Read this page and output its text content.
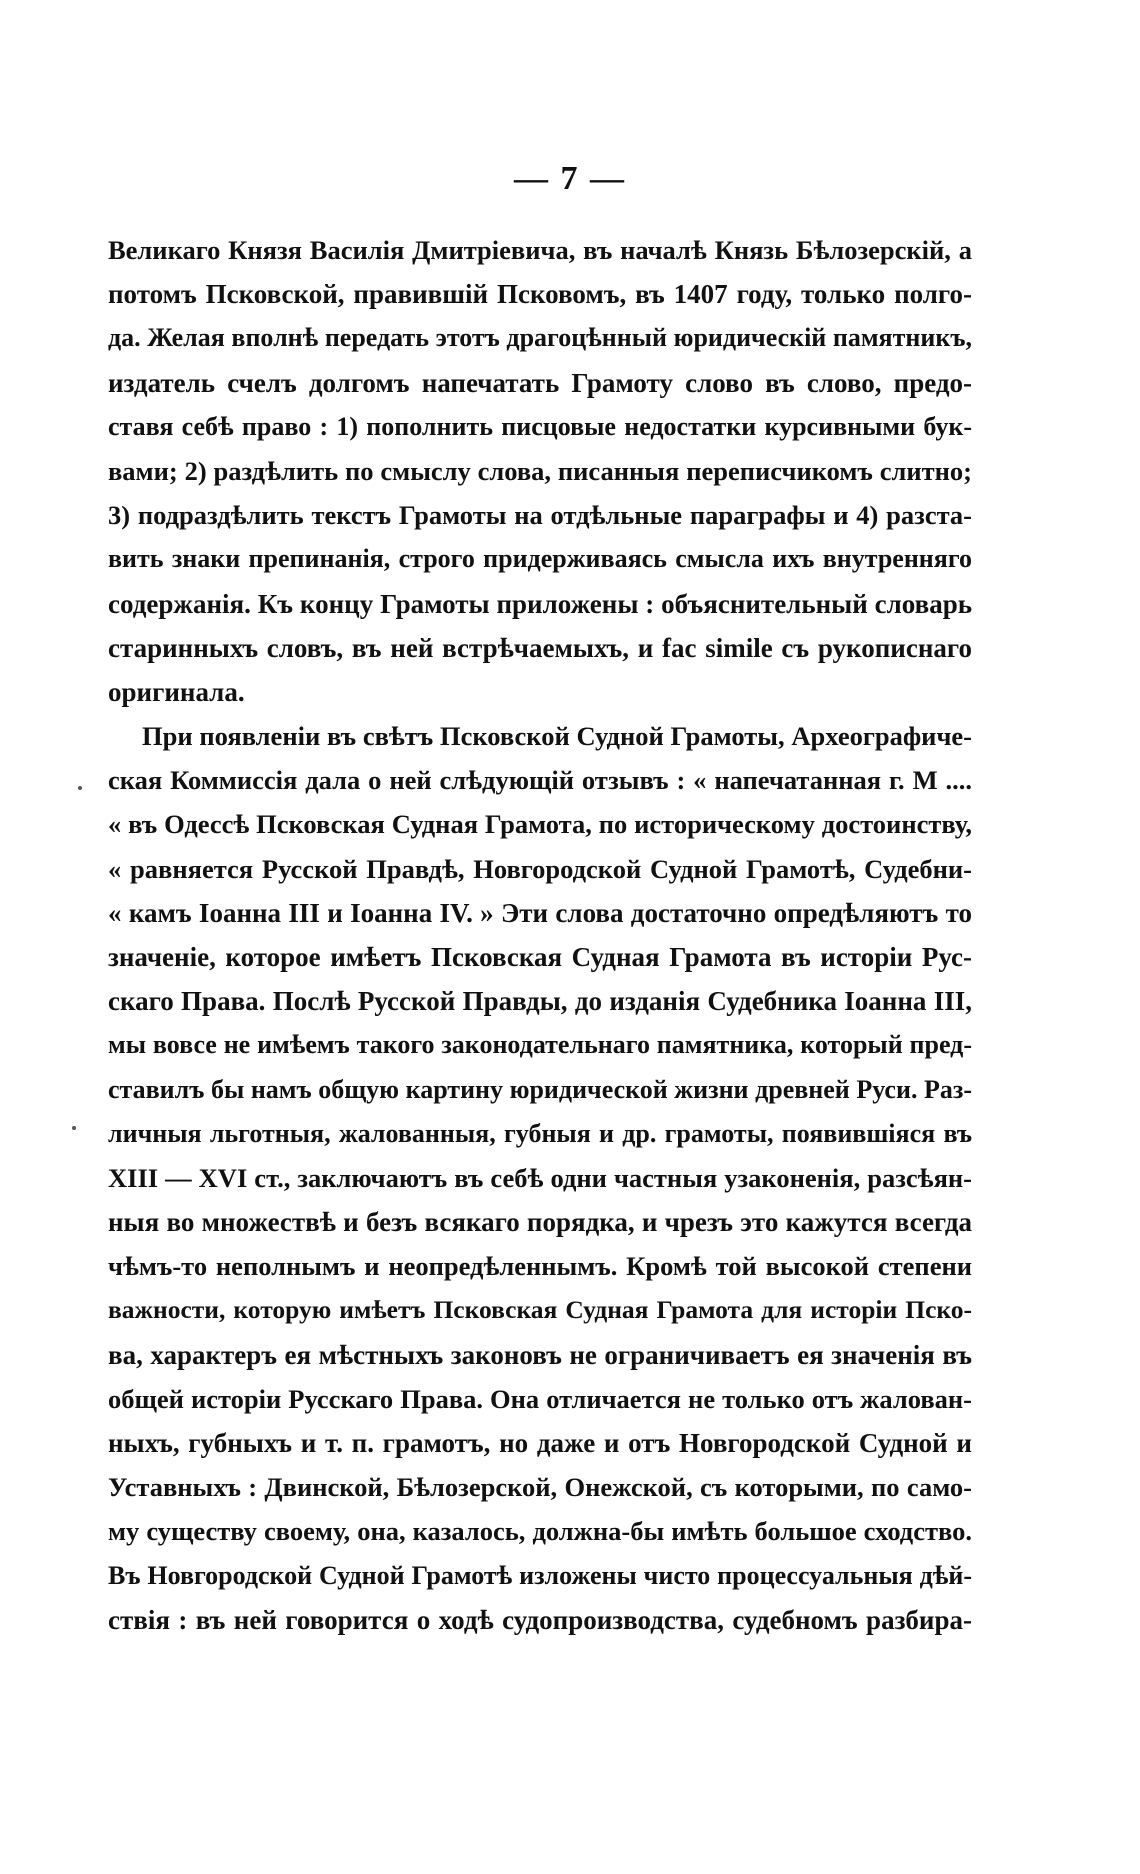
— 7 —
Великаго Князя Василія Дмитріевича, въ началѣ Князь Бѣлозерскій, а
потомъ Псковской, правившій Псковомъ, въ 1407 году, только полго-
да. Желая вполнѣ передать этотъ драгоцѣнный юридическій памятникъ,
издатель счелъ долгомъ напечатать Грамоту слово въ слово, предо-
ставя себѣ право : 1) пополнить писцовые недостатки курсивными бук-
вами; 2) раздѣлить по смыслу слова, писанныя переписчикомъ слитно;
3) подраздѣлить текстъ Грамоты на отдѣльные параграфы и 4) разста-
вить знаки препинанія, строго придерживаясь смысла ихъ внутренняго
содержанія. Къ концу Грамоты приложены : объяснительный словарь
старинныхъ словъ, въ ней встрѣчаемыхъ, и fac simile съ рукописнаго
оригинала.
При появленіи въ свѣтъ Псковской Судной Грамоты, Археографиче-
ская Коммиссія дала о ней слѣдующій отзывъ : « напечатанная г. М ....
« въ Одессѣ Псковская Судная Грамота, по историческому достоинству,
« равняется Русской Правдѣ, Новгородской Судной Грамотѣ, Судебни-
« камъ Іоанна III и Іоанна IV. » Эти слова достаточно опредѣляютъ то
значеніе, которое имѣетъ Псковская Судная Грамота въ исторіи Рус-
скаго Права. Послѣ Русской Правды, до изданія Судебника Іоанна III,
мы вовсе не имѣемъ такого законодательнаго памятника, который пред-
ставилъ бы намъ общую картину юридической жизни древней Руси. Раз-
личныя льготныя, жалованныя, губныя и др. грамоты, появившіяся въ
XIII — XVI ст., заключаютъ въ себѣ одни частныя узаконенія, разсѣян-
ныя во множествѣ и безъ всякаго порядка, и чрезъ это кажутся всегда
чѣмъ-то неполнымъ и неопредѣленнымъ. Кромѣ той высокой степени
важности, которую имѣетъ Псковская Судная Грамота для исторіи Пско-
ва, характеръ ея мѣстныхъ законовъ не ограничиваетъ ея значенія въ
общей исторіи Русскаго Права. Она отличается не только отъ жалован-
ныхъ, губныхъ и т. п. грамотъ, но даже и отъ Новгородской Судной и
Уставныхъ : Двинской, Бѣлозерской, Онежской, съ которыми, по само-
му существу своему, она, казалось, должна-бы имѣть большое сходство.
Въ Новгородской Судной Грамотѣ изложены чисто процессуальныя дѣй-
ствія : въ ней говорится о ходѣ судопроизводства, судебномъ разбира-
